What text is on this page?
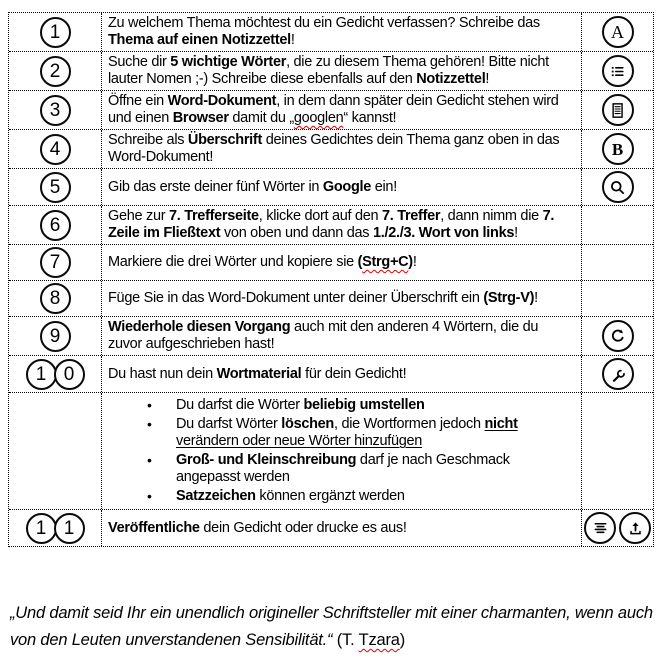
1	Zu welchem Thema möchtest du ein Gedicht verfassen? Schreibe das Thema auf einen Notizzettel!	A
2	Suche dir 5 wichtige Wörter, die zu diesem Thema gehören! Bitte nicht lauter Nomen ;-) Schreibe diese ebenfalls auf den Notizzettel!
3	Öffne ein Word-Dokument, in dem dann später dein Gedicht stehen wird und einen Browser damit du „googlen“ kannst!
4	Schreibe als Überschrift deines Gedichtes dein Thema ganz oben in das Word-Dokument!	B
5	Gib das erste deiner fünf Wörter in Google ein!
6	Gehe zur 7. Trefferseite, klicke dort auf den 7. Treffer, dann nimm die 7. Zeile im Fließtext von oben und dann das 1./2./3. Wort von links!
7	Markiere die drei Wörter und kopiere sie (Strg+C)!
8	Füge Sie in das Word-Dokument unter deiner Überschrift ein (Strg-V)!
9	Wiederhole diesen Vorgang auch mit den anderen 4 Wörtern, die du zuvor aufgeschrieben hast!
1 0	Du hast nun dein Wortmaterial für dein Gedicht!
• Du darfst die Wörter beliebig umstellen
• Du darfst Wörter löschen, die Wortformen jedoch nicht verändern oder neue Wörter hinzufügen
• Groß- und Kleinschreibung darf je nach Geschmack angepasst werden
• Satzzeichen können ergänzt werden
1 1	Veröffentliche dein Gedicht oder drucke es aus!

„Und damit seid Ihr ein unendlich origineller Schriftsteller mit einer charmanten, wenn auch von den Leuten unverstandenen Sensibilität.“ (T. Tzara)
